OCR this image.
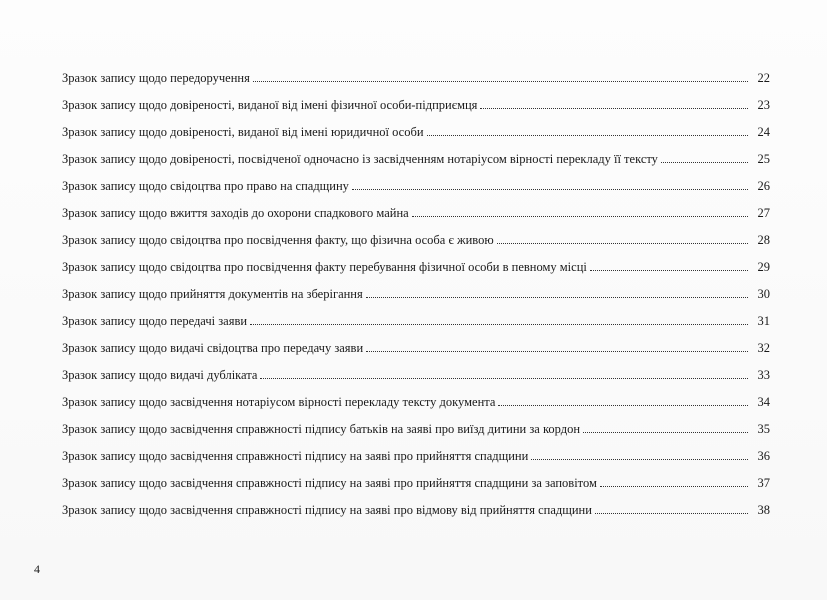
Зразок запису щодо передоручення	22
Зразок запису щодо довіреності, виданої від імені фізичної особи-підприємця	23
Зразок запису щодо довіреності, виданої від імені юридичної особи	24
Зразок запису щодо довіреності, посвідченої одночасно із засвідченням нотаріусом вірності перекладу її тексту	25
Зразок запису щодо свідоцтва про право на спадщину	26
Зразок запису щодо вжиття заходів до охорони спадкового майна	27
Зразок запису щодо свідоцтва про посвідчення факту, що фізична особа є живою	28
Зразок запису щодо свідоцтва про посвідчення факту перебування фізичної особи в певному місці	29
Зразок запису щодо прийняття документів на зберігання	30
Зразок запису щодо передачі заяви	31
Зразок запису щодо видачі свідоцтва про передачу заяви	32
Зразок запису щодо видачі дубліката	33
Зразок запису щодо засвідчення нотаріусом вірності перекладу тексту документа	34
Зразок запису щодо засвідчення справжності підпису батьків на заяві про виїзд дитини за кордон	35
Зразок запису щодо засвідчення справжності підпису на заяві про прийняття спадщини	36
Зразок запису щодо засвідчення справжності підпису на заяві про прийняття спадщини за заповітом	37
Зразок запису щодо засвідчення справжності підпису на заяві про відмову від прийняття спадщини	38
4
